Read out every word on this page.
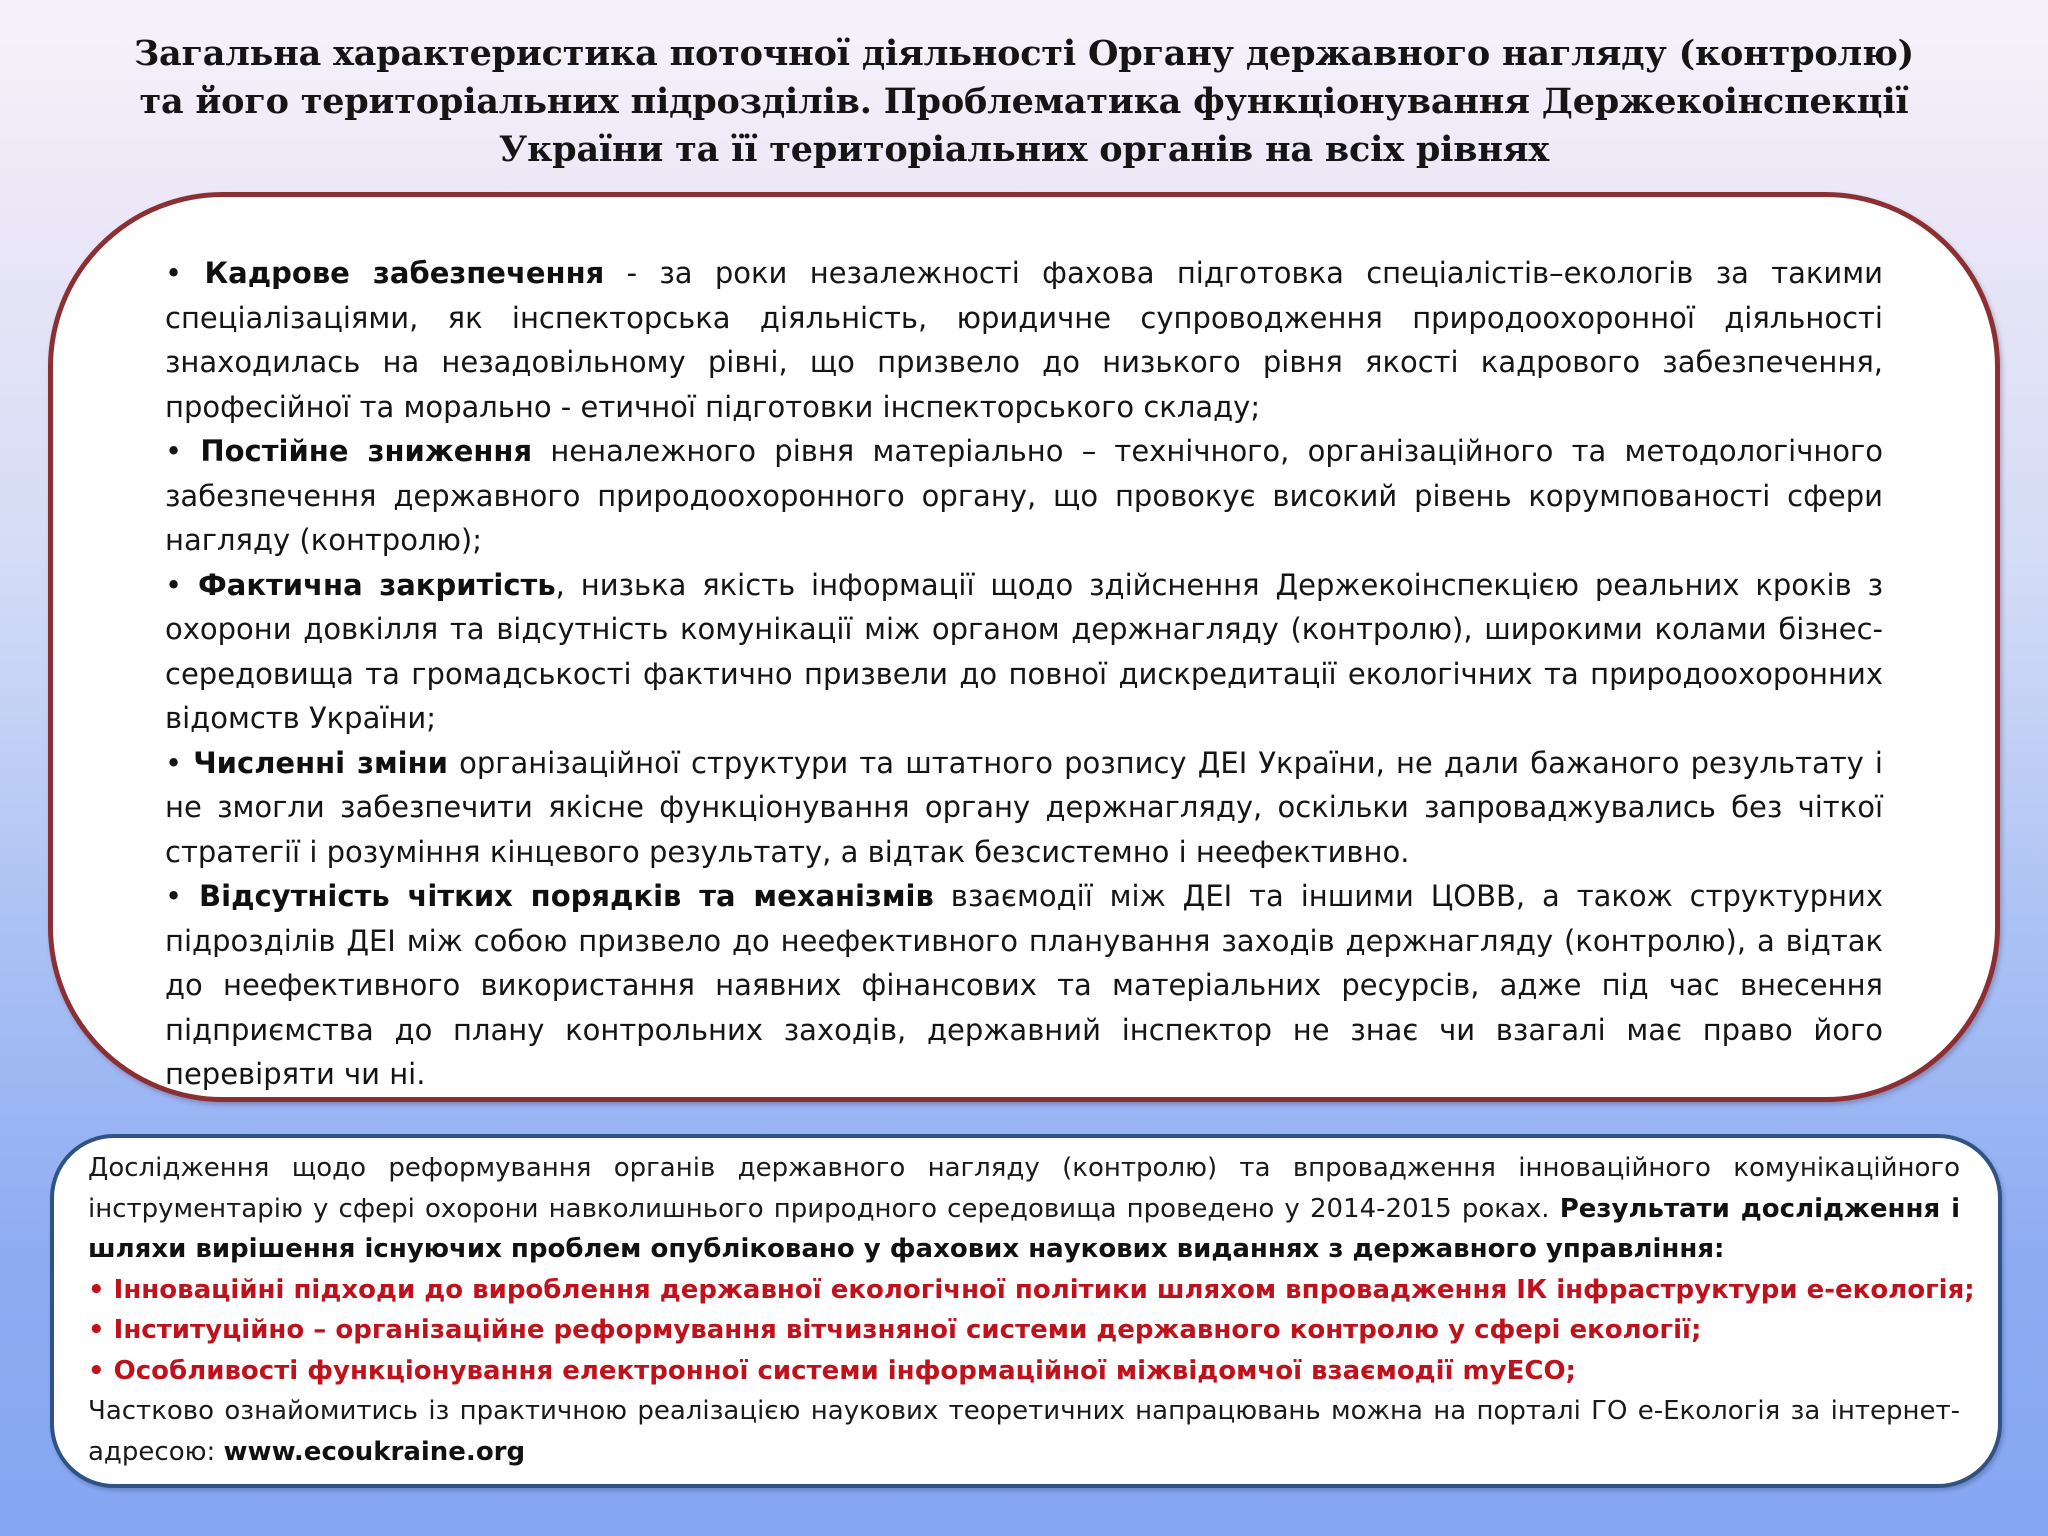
Загальна характеристика поточної діяльності Органу державного нагляду (контролю)
та його територіальних підрозділів. Проблематика функціонування Держекоінспекції
України та її територіальних органів на всіх рівнях

• Кадрове забезпечення - за роки незалежності фахова підготовка спеціалістів–екологів за такими спеціалізаціями, як інспекторська діяльність, юридичне супроводження природоохоронної діяльності знаходилась на незадовільному рівні, що призвело до низького рівня якості кадрового забезпечення, професійної та морально - етичної підготовки інспекторського складу;

• Постійне зниження неналежного рівня матеріально – технічного, організаційного та методологічного забезпечення державного природоохоронного органу, що провокує високий рівень корумпованості сфери нагляду (контролю);

• Фактична закритість, низька якість інформації щодо здійснення Держекоінспекцією реальних кроків з охорони довкілля та відсутність комунікації між органом держнагляду (контролю), широкими колами бізнес-середовища та громадськості фактично призвели до повної дискредитації екологічних та природоохоронних відомств України;

• Численні зміни організаційної структури та штатного розпису ДЕІ України, не дали бажаного результату і не змогли забезпечити якісне функціонування органу держнагляду, оскільки запроваджувались без чіткої стратегії і розуміння кінцевого результату, а відтак безсистемно і неефективно.

• Відсутність чітких порядків та механізмів взаємодії між ДЕІ та іншими ЦОВВ, а також структурних підрозділів ДЕІ між собою призвело до неефективного планування заходів держнагляду (контролю), а відтак до неефективного використання наявних фінансових та матеріальних ресурсів, адже під час внесення підприємства до плану контрольних заходів, державний інспектор не знає чи взагалі має право його перевіряти чи ні.

Дослідження щодо реформування органів державного нагляду (контролю) та впровадження інноваційного комунікаційного інструментарію у сфері охорони навколишнього природного середовища проведено у 2014-2015 роках. Результати дослідження і шляхи вирішення існуючих проблем опубліковано у фахових наукових виданнях з державного управління:

• Інноваційні підходи до вироблення державної екологічної політики шляхом впровадження ІК інфраструктури е-екологія;

• Інституційно – організаційне реформування вітчизняної системи державного контролю у сфері екології;

• Особливості функціонування електронної системи інформаційної міжвідомчої взаємодії myECO;

Частково ознайомитись із практичною реалізацією наукових теоретичних напрацювань можна на порталі ГО е-Екологія за інтернет-адресою: www.ecoukraine.org
